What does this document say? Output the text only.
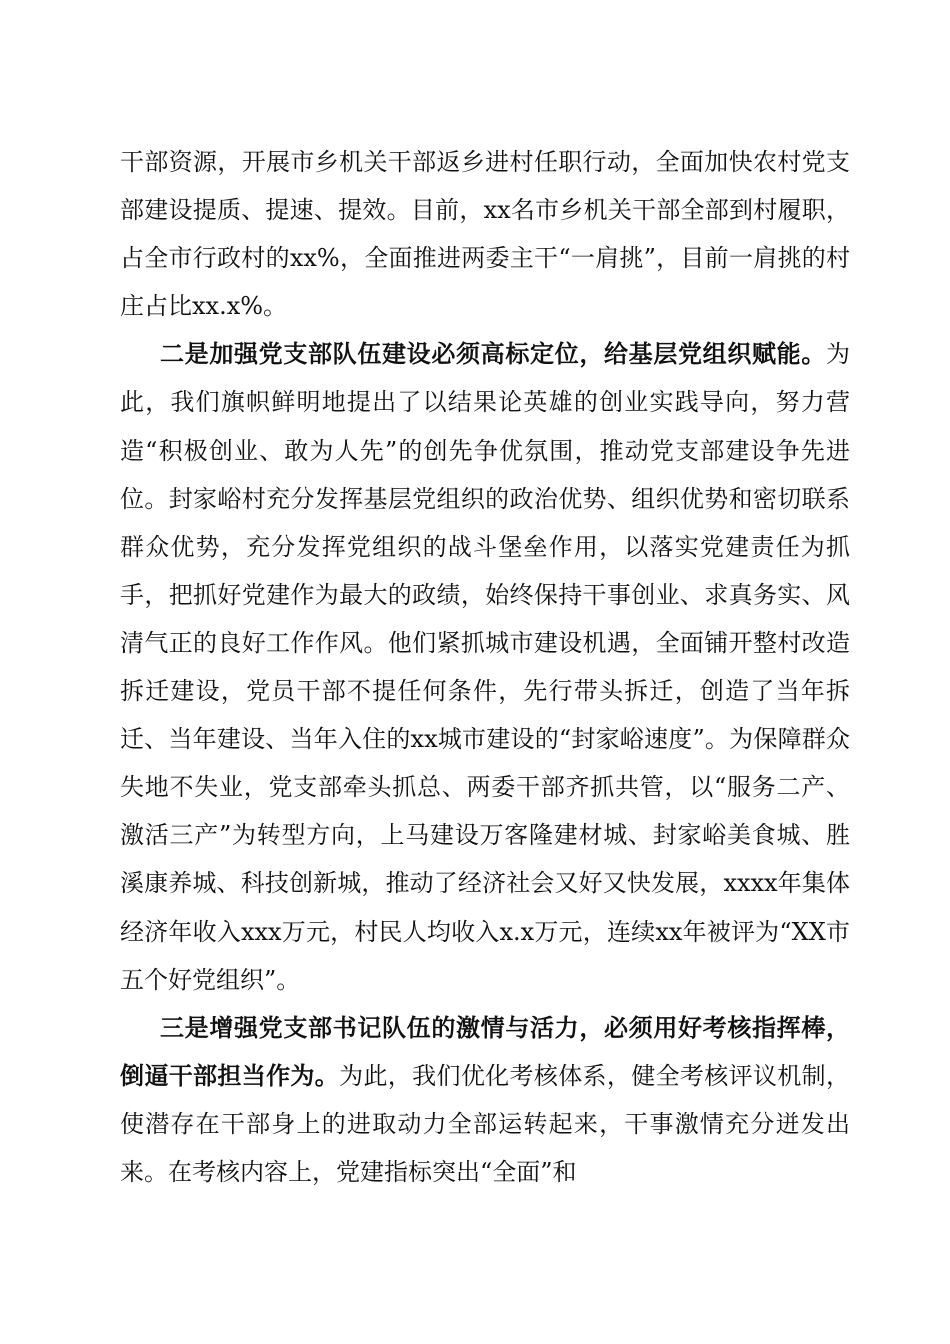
干部资源，开展市乡机关干部返乡进村任职行动，全面加快农村党支部建设提质、提速、提效。目前，xx名市乡机关干部全部到村履职，占全市行政村的xx%，全面推进两委主干“一肩挑”，目前一肩挑的村庄占比xx.x%。

二是加强党支部队伍建设必须高标定位，给基层党组织赋能。为此，我们旗帜鲜明地提出了以结果论英雄的创业实践导向，努力营造“积极创业、敢为人先”的创先争优氛围，推动党支部建设争先进位。封家峪村充分发挥基层党组织的政治优势、组织优势和密切联系群众优势，充分发挥党组织的战斗堡垒作用，以落实党建责任为抓手，把抓好党建作为最大的政绩，始终保持干事创业、求真务实、风清气正的良好工作作风。他们紧抓城市建设机遇，全面铺开整村改造拆迁建设，党员干部不提任何条件，先行带头拆迁，创造了当年拆迁、当年建设、当年入住的xx城市建设的“封家峪速度”。为保障群众失地不失业，党支部牵头抓总、两委干部齐抓共管，以“服务二产、激活三产”为转型方向，上马建设万客隆建材城、封家峪美食城、胜溪康养城、科技创新城，推动了经济社会又好又快发展，xxxx年集体经济年收入xxx万元，村民人均收入x.x万元，连续xx年被评为“XX市五个好党组织”。

三是增强党支部书记队伍的激情与活力，必须用好考核指挥棒，倒逼干部担当作为。为此，我们优化考核体系，健全考核评议机制，使潜存在干部身上的进取动力全部运转起来，干事激情充分迸发出来。在考核内容上，党建指标突出“全面”和
